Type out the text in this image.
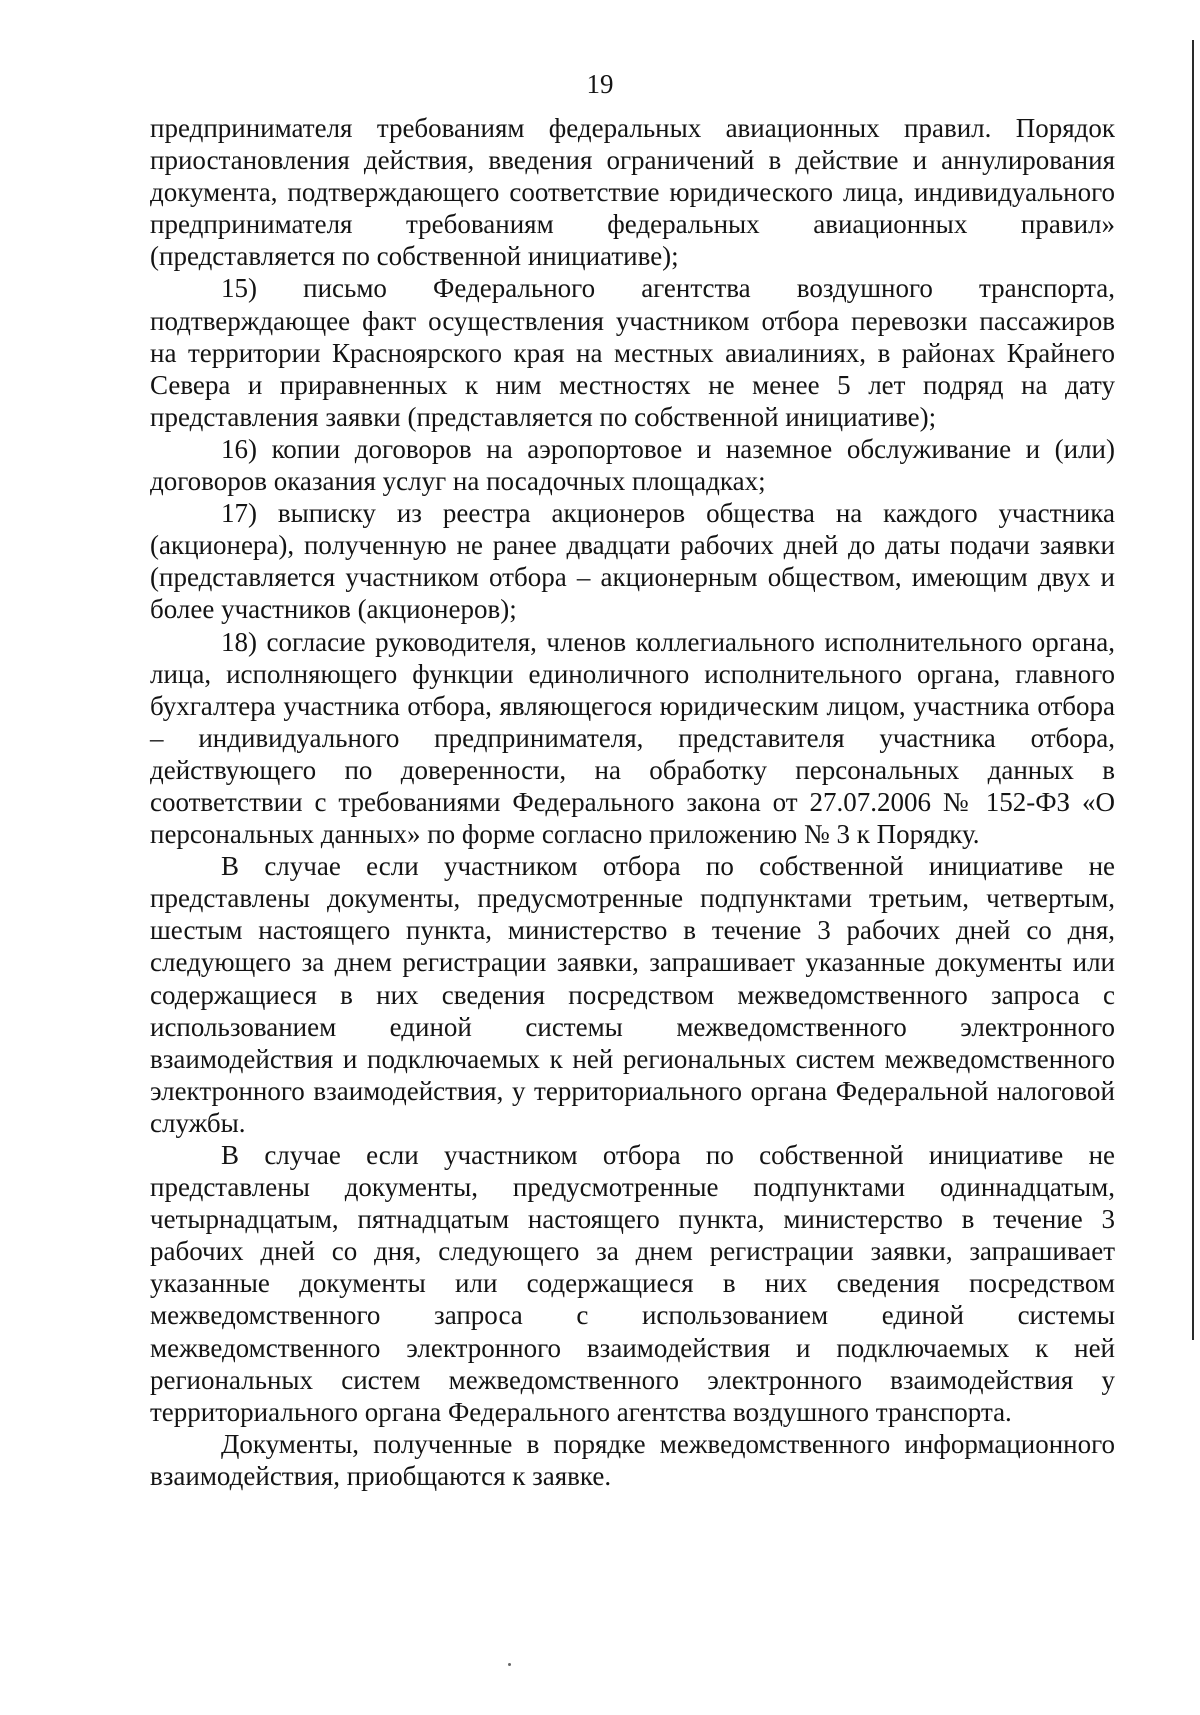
19

предпринимателя требованиям федеральных авиационных правил. Порядок приостановления действия, введения ограничений в действие и аннулирования документа, подтверждающего соответствие юридического лица, индивидуального предпринимателя требованиям федеральных авиационных правил» (представляется по собственной инициативе);

15) письмо Федерального агентства воздушного транспорта, подтверждающее факт осуществления участником отбора перевозки пассажиров на территории Красноярского края на местных авиалиниях, в районах Крайнего Севера и приравненных к ним местностях не менее 5 лет подряд на дату представления заявки (представляется по собственной инициативе);

16) копии договоров на аэропортовое и наземное обслуживание и (или) договоров оказания услуг на посадочных площадках;

17) выписку из реестра акционеров общества на каждого участника (акционера), полученную не ранее двадцати рабочих дней до даты подачи заявки (представляется участником отбора – акционерным обществом, имеющим двух и более участников (акционеров);

18) согласие руководителя, членов коллегиального исполнительного органа, лица, исполняющего функции единоличного исполнительного органа, главного бухгалтера участника отбора, являющегося юридическим лицом, участника отбора – индивидуального предпринимателя, представителя участника отбора, действующего по доверенности, на обработку персональных данных в соответствии с требованиями Федерального закона от 27.07.2006 № 152-ФЗ «О персональных данных» по форме согласно приложению № 3 к Порядку.

В случае если участником отбора по собственной инициативе не представлены документы, предусмотренные подпунктами третьим, четвертым, шестым настоящего пункта, министерство в течение 3 рабочих дней со дня, следующего за днем регистрации заявки, запрашивает указанные документы или содержащиеся в них сведения посредством межведомственного запроса с использованием единой системы межведомственного электронного взаимодействия и подключаемых к ней региональных систем межведомственного электронного взаимодействия, у территориального органа Федеральной налоговой службы.

В случае если участником отбора по собственной инициативе не представлены документы, предусмотренные подпунктами одиннадцатым, четырнадцатым, пятнадцатым настоящего пункта, министерство в течение 3 рабочих дней со дня, следующего за днем регистрации заявки, запрашивает указанные документы или содержащиеся в них сведения посредством межведомственного запроса с использованием единой системы межведомственного электронного взаимодействия и подключаемых к ней региональных систем межведомственного электронного взаимодействия у территориального органа Федерального агентства воздушного транспорта.

Документы, полученные в порядке межведомственного информационного взаимодействия, приобщаются к заявке.
